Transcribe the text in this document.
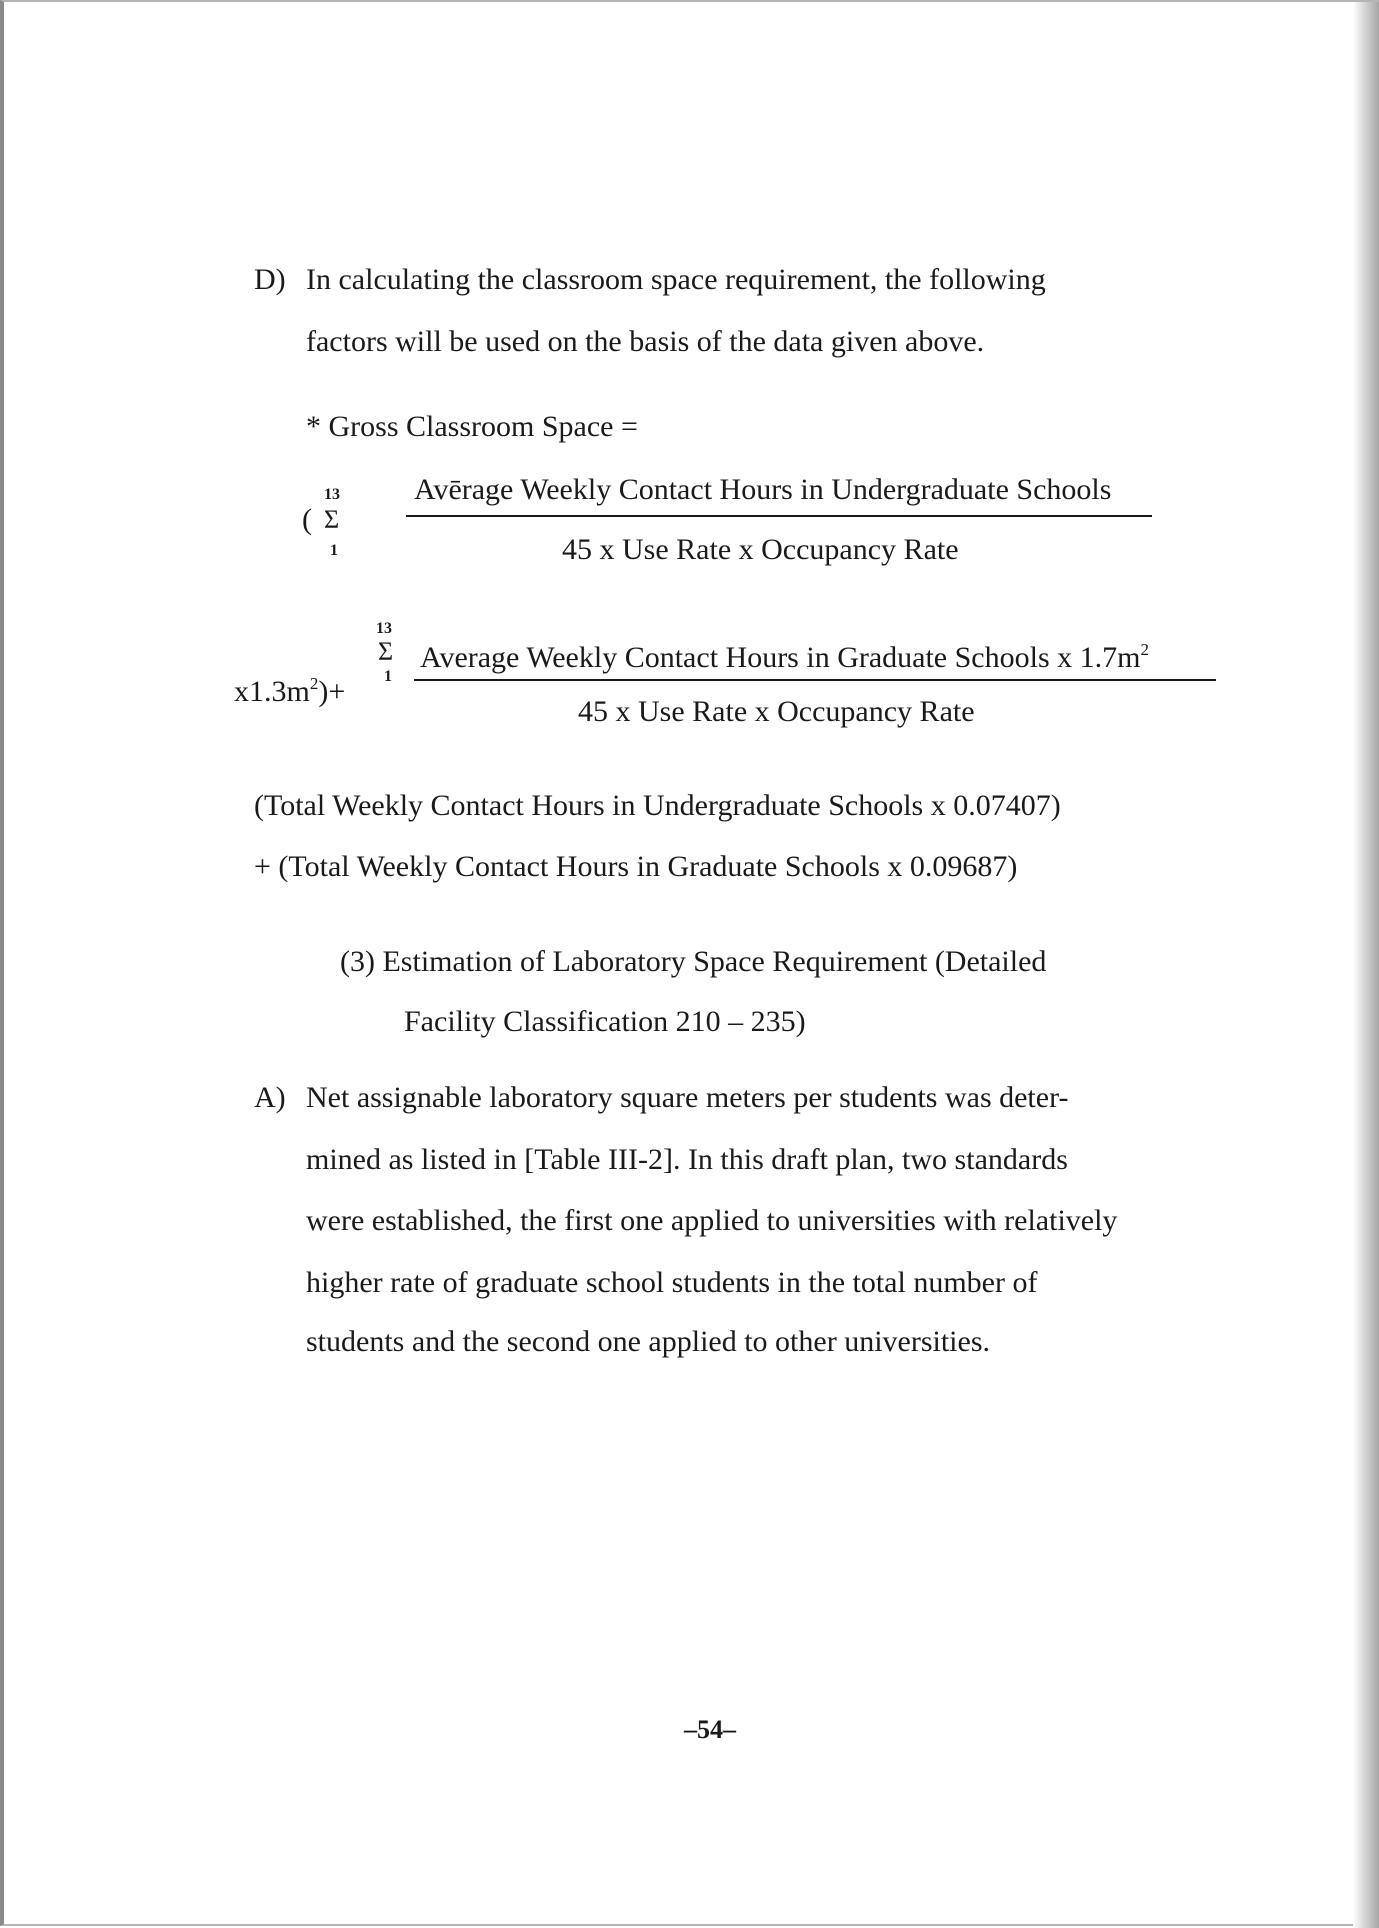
D) In calculating the classroom space requirement, the following
factors will be used on the basis of the data given above.
* Gross Classroom Space =
13
( Σ
1
Avērage Weekly Contact Hours in Undergraduate Schools
45 x Use Rate x Occupancy Rate
13
Σ
1
$x1.3m^2)+$
Average Weekly Contact Hours in Graduate Schools x $1.7m^2$
45 x Use Rate x Occupancy Rate
(Total Weekly Contact Hours in Undergraduate Schools x 0.07407)
+ (Total Weekly Contact Hours in Graduate Schools x 0.09687)
(3) Estimation of Laboratory Space Requirement (Detailed
Facility Classification 210 – 235)
A) Net assignable laboratory square meters per students was deter-
mined as listed in [Table III-2]. In this draft plan, two standards
were established, the first one applied to universities with relatively
higher rate of graduate school students in the total number of
students and the second one applied to other universities.
–54–
